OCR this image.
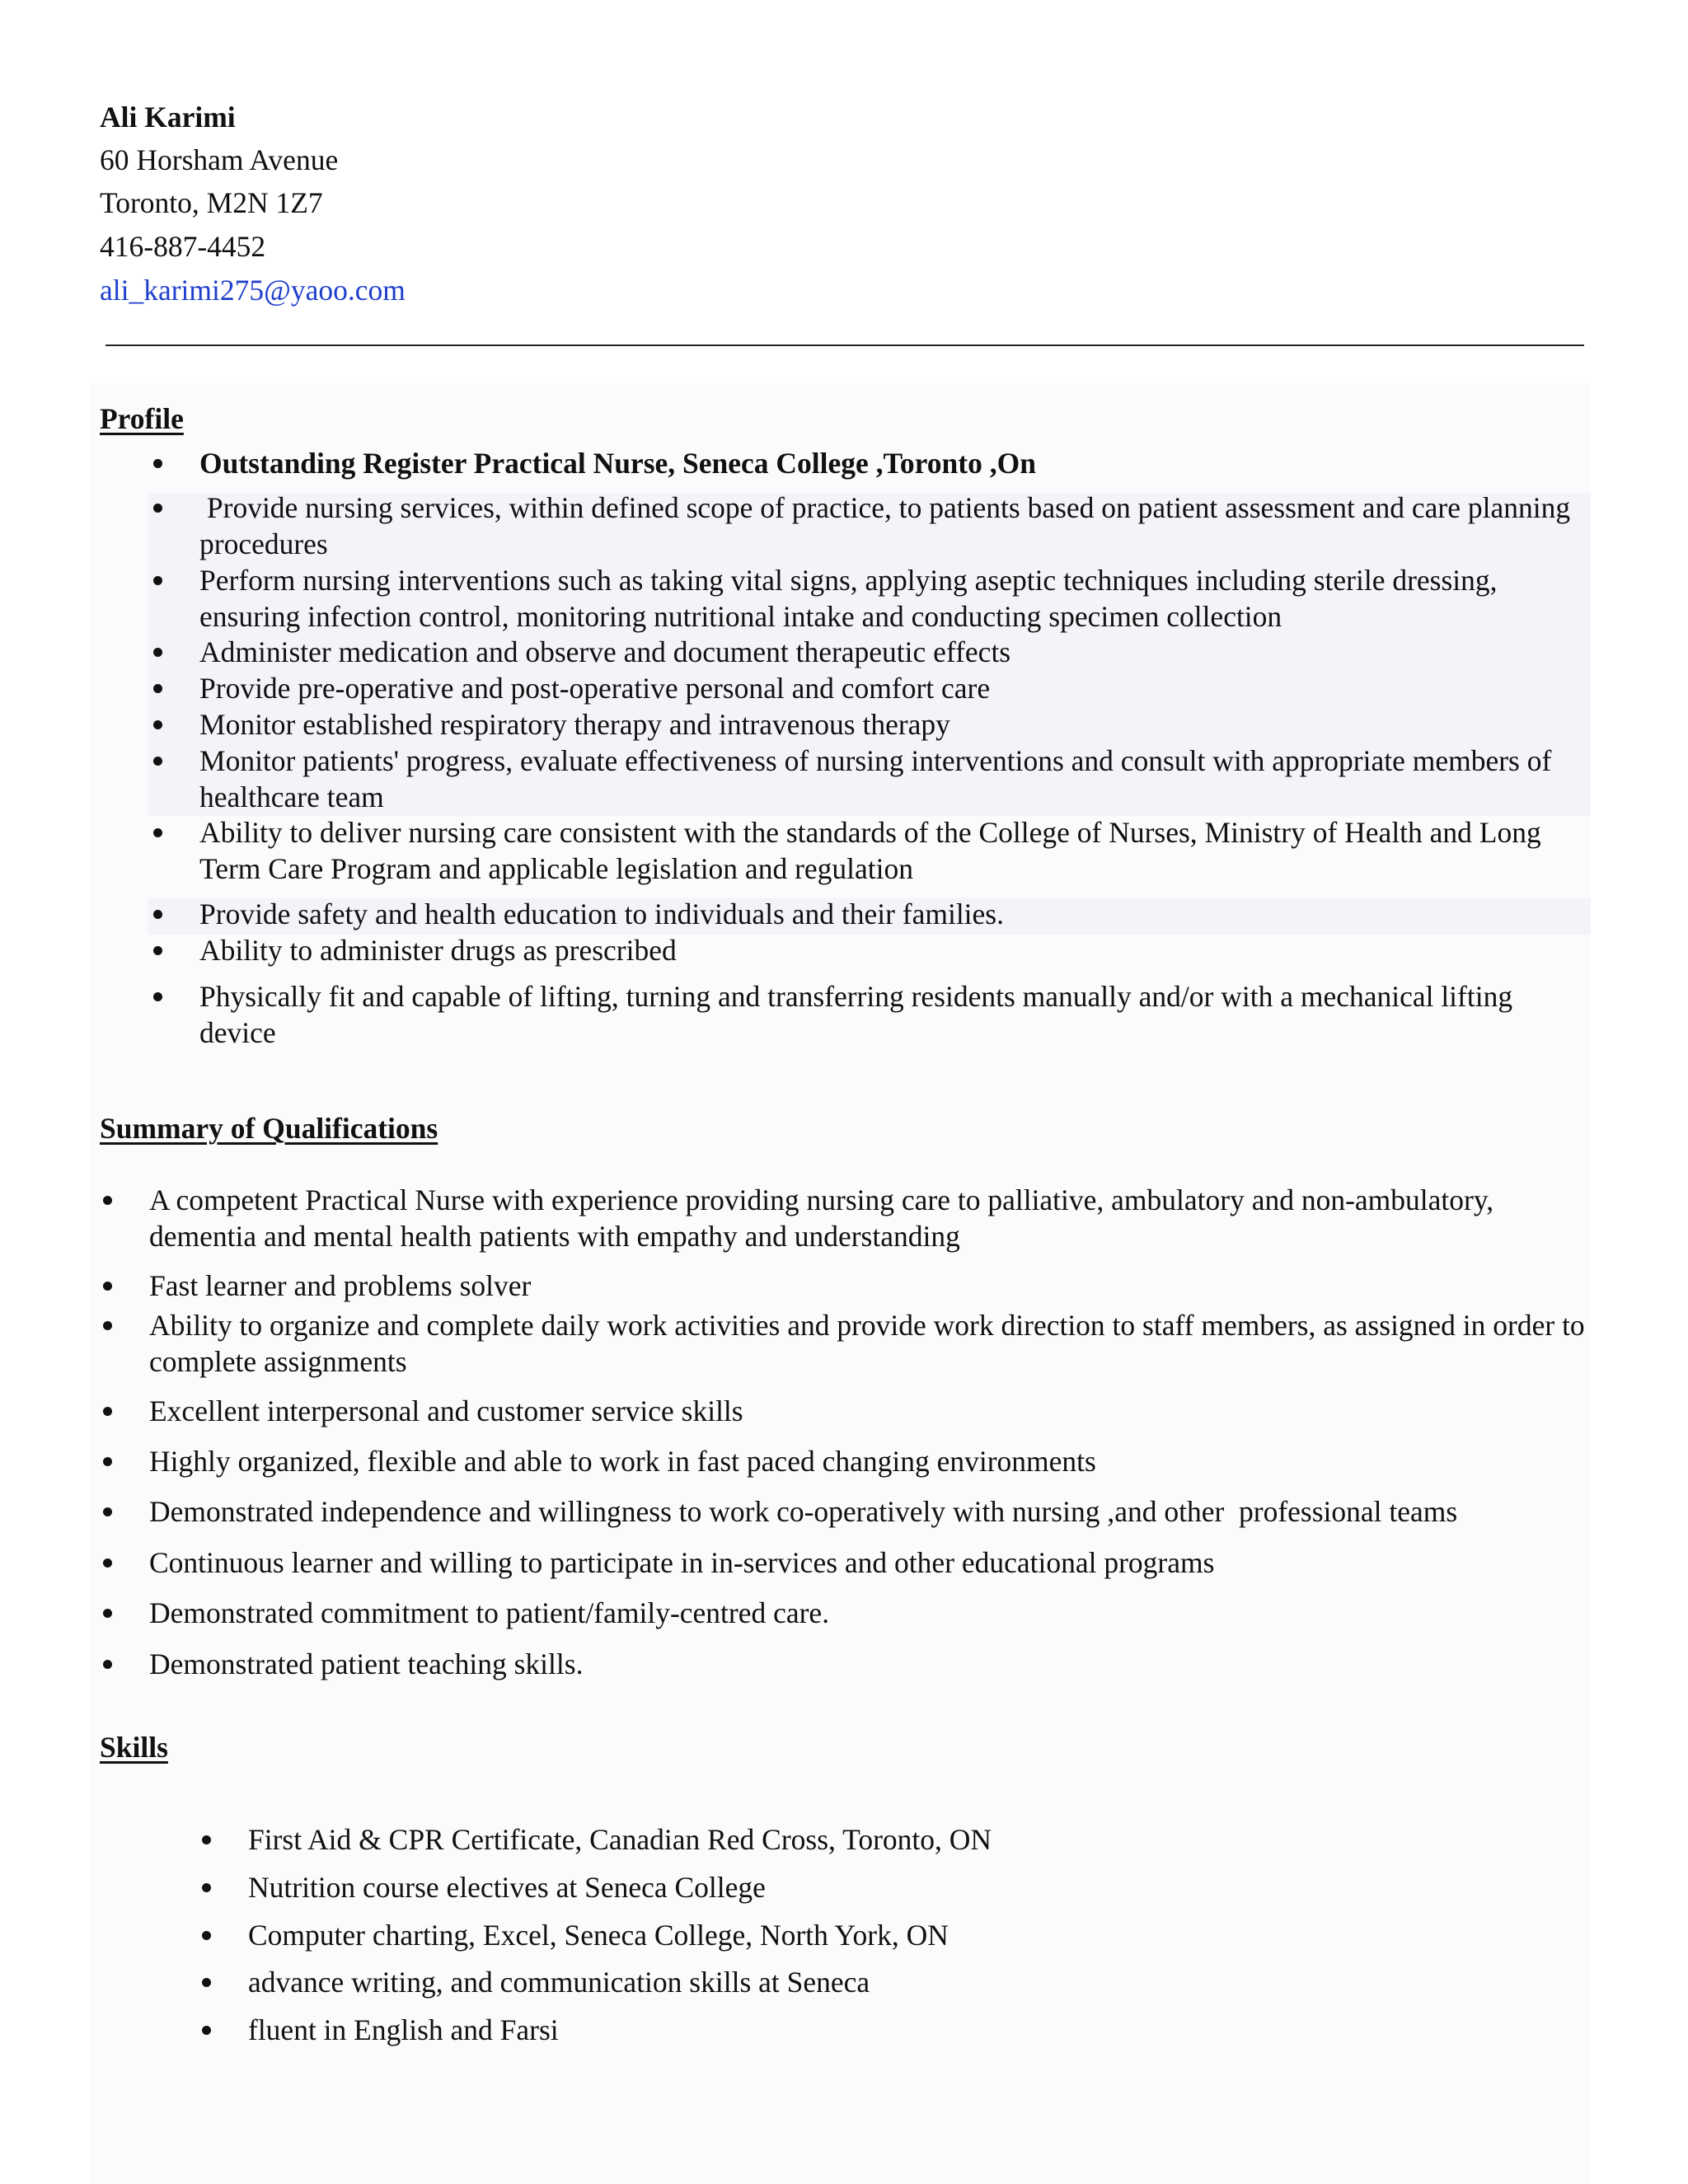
Ali Karimi
60 Horsham Avenue
Toronto, M2N 1Z7
416-887-4452
ali_karimi275@yaoo.com
Profile
Outstanding Register Practical Nurse, Seneca College ,Toronto ,On
Provide nursing services, within defined scope of practice, to patients based on patient assessment and care planning procedures
Perform nursing interventions such as taking vital signs, applying aseptic techniques including sterile dressing, ensuring infection control, monitoring nutritional intake and conducting specimen collection
Administer medication and observe and document therapeutic effects
Provide pre-operative and post-operative personal and comfort care
Monitor established respiratory therapy and intravenous therapy
Monitor patients' progress, evaluate effectiveness of nursing interventions and consult with appropriate members of healthcare team
Ability to deliver nursing care consistent with the standards of the College of Nurses, Ministry of Health and Long Term Care Program and applicable legislation and regulation
Provide safety and health education to individuals and their families.
Ability to administer drugs as prescribed
Physically fit and capable of lifting, turning and transferring residents manually and/or with a mechanical lifting device
Summary of Qualifications
A competent Practical Nurse with experience providing nursing care to palliative, ambulatory and non-ambulatory, dementia and mental health patients with empathy and understanding
Fast learner and problems solver
Ability to organize and complete daily work activities and provide work direction to staff members, as assigned in order to complete assignments
Excellent interpersonal and customer service skills
Highly organized, flexible and able to work in fast paced changing environments
Demonstrated independence and willingness to work co-operatively with nursing ,and other  professional teams
Continuous learner and willing to participate in in-services and other educational programs
Demonstrated commitment to patient/family-centred care.
Demonstrated patient teaching skills.
Skills
First Aid & CPR Certificate, Canadian Red Cross, Toronto, ON
Nutrition course electives at Seneca College
Computer charting, Excel, Seneca College, North York, ON
advance writing, and communication skills at Seneca
fluent in English and Farsi
